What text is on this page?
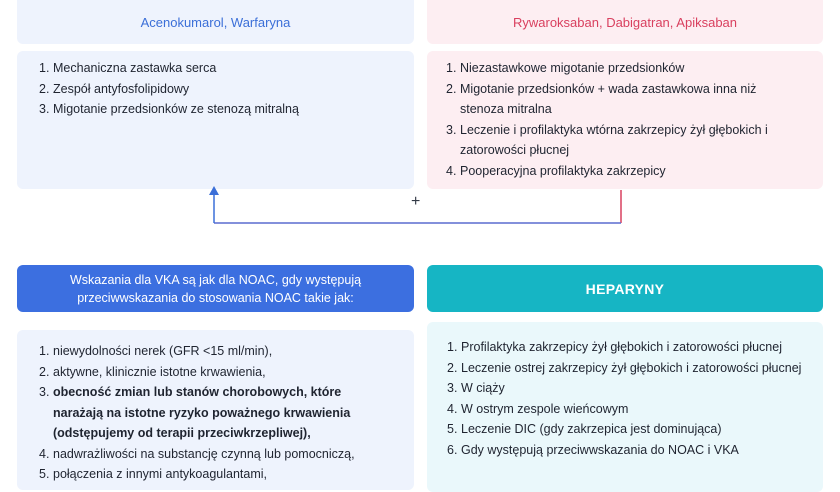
Acenokumarol, Warfaryna	Rywaroksaban, Dabigatran, Apiksaban
1. Mechaniczna zastawka serca
2. Zespół antyfosfolipidowy
3. Migotanie przedsionków ze stenozą mitralną
1. Niezastawkowe migotanie przedsionków
2. Migotanie przedsionków + wada zastawkowa inna niż stenoza mitralna
3. Leczenie i profilaktyka wtórna zakrzepicy żył głębokich i zatorowości płucnej
4. Pooperacyjna profilaktyka zakrzepicy
+
Wskazania dla VKA są jak dla NOAC, gdy występują przeciwwskazania do stosowania NOAC takie jak:
HEPARYNY
1. niewydolności nerek (GFR <15 ml/min),
2. aktywne, klinicznie istotne krwawienia,
3. obecność zmian lub stanów chorobowych, które narażają na istotne ryzyko poważnego krwawienia (odstępujemy od terapii przeciwkrzepliwej),
4. nadwrażliwości na substancję czynną lub pomocniczą,
5. połączenia z innymi antykoagulantami,
1. Profilaktyka zakrzepicy żył głębokich i zatorowości płucnej
2. Leczenie ostrej zakrzepicy żył głębokich i zatorowości płucnej
3. W ciąży
4. W ostrym zespole wieńcowym
5. Leczenie DIC (gdy zakrzepica jest dominująca)
6. Gdy występują przeciwwskazania do NOAC i VKA
